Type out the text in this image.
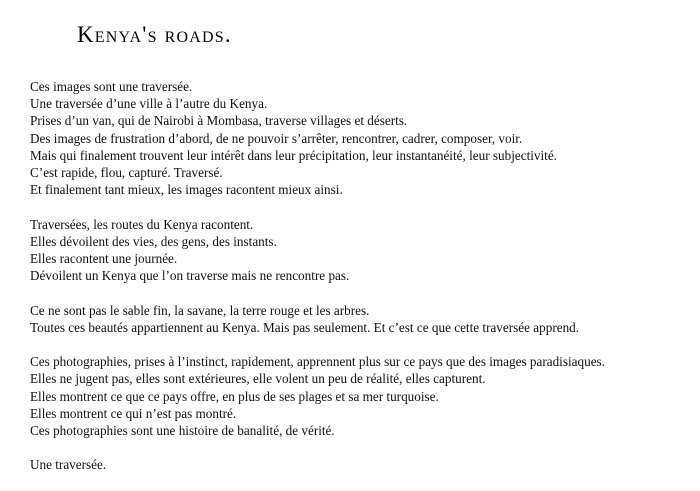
Kenya's roads.

Ces images sont une traversée.
Une traversée d’une ville à l’autre du Kenya.
Prises d’un van, qui de Nairobi à Mombasa, traverse villages et déserts.
Des images de frustration d’abord, de ne pouvoir s’arrêter, rencontrer, cadrer, composer, voir.
Mais qui finalement trouvent leur intérêt dans leur précipitation, leur instantanéité, leur subjectivité.
C’est rapide, flou, capturé. Traversé.
Et finalement tant mieux, les images racontent mieux ainsi.

Traversées, les routes du Kenya racontent.
Elles dévoilent des vies, des gens, des instants.
Elles racontent une journée.
Dévoilent un Kenya que l’on traverse mais ne rencontre pas.

Ce ne sont pas le sable fin, la savane, la terre rouge et les arbres.
Toutes ces beautés appartiennent au Kenya. Mais pas seulement. Et c’est ce que cette traversée apprend.

Ces photographies, prises à l’instinct, rapidement, apprennent plus sur ce pays que des images paradisiaques.
Elles ne jugent pas, elles sont extérieures, elle volent un peu de réalité, elles capturent.
Elles montrent ce que ce pays offre, en plus de ses plages et sa mer turquoise.
Elles montrent ce qui n’est pas montré.
Ces photographies sont une histoire de banalité, de vérité.

Une traversée.
